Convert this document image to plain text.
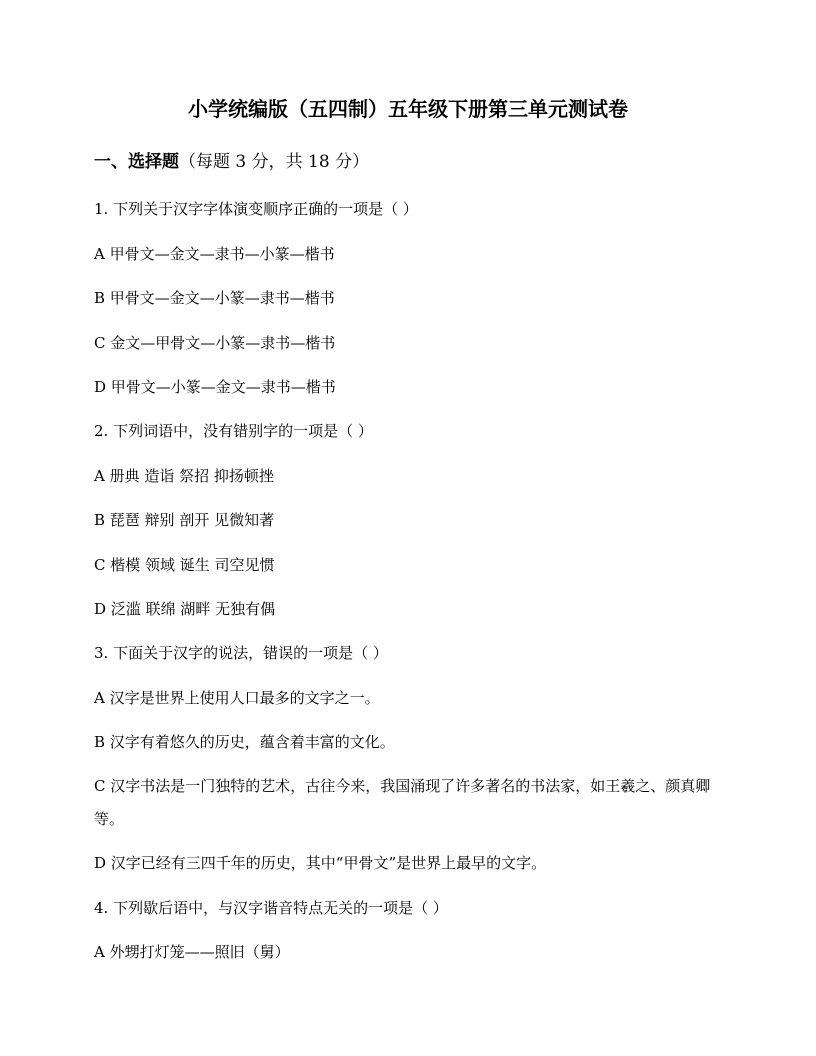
小学统编版（五四制）五年级下册第三单元测试卷
一、选择题（每题 3 分，共 18 分）
1. 下列关于汉字字体演变顺序正确的一项是（ ）
A 甲骨文—金文—隶书—小篆—楷书
B 甲骨文—金文—小篆—隶书—楷书
C 金文—甲骨文—小篆—隶书—楷书
D 甲骨文—小篆—金文—隶书—楷书
2. 下列词语中，没有错别字的一项是（ ）
A 册典 造诣 祭招 抑扬顿挫
B 琵琶 辩别 剖开 见微知著
C 楷模 领域 诞生 司空见惯
D 泛滥 联绵 湖畔 无独有偶
3. 下面关于汉字的说法，错误的一项是（ ）
A 汉字是世界上使用人口最多的文字之一。
B 汉字有着悠久的历史，蕴含着丰富的文化。
C 汉字书法是一门独特的艺术，古往今来，我国涌现了许多著名的书法家，如王羲之、颜真卿等。
D 汉字已经有三四千年的历史，其中“甲骨文”是世界上最早的文字。
4. 下列歇后语中，与汉字谐音特点无关的一项是（ ）
A 外甥打灯笼——照旧（舅）
